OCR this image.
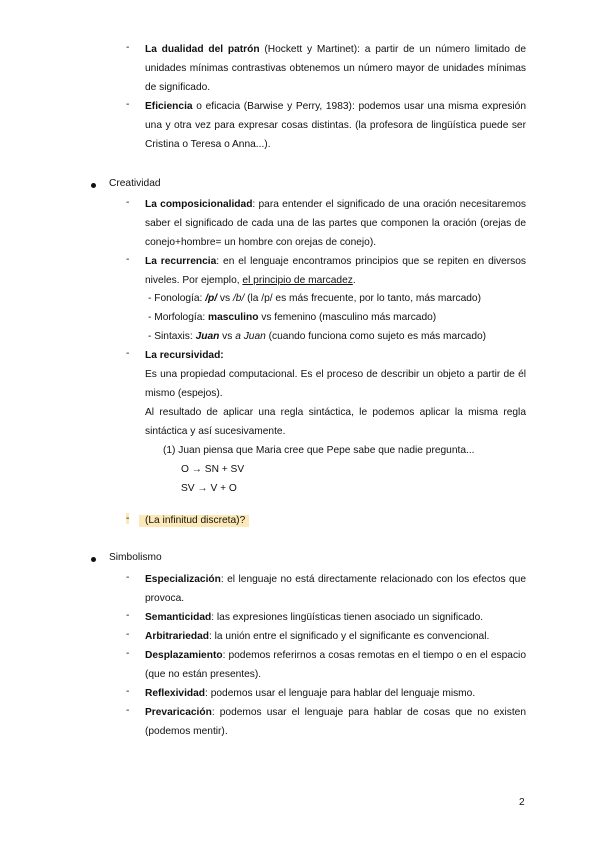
- La dualidad del patrón (Hockett y Martinet): a partir de un número limitado de unidades mínimas contrastivas obtenemos un número mayor de unidades mínimas de significado.
- Eficiencia o eficacia (Barwise y Perry, 1983): podemos usar una misma expresión una y otra vez para expresar cosas distintas. (la profesora de lingüística puede ser Cristina o Teresa o Anna...).
Creatividad
- La composicionalidad: para entender el significado de una oración necesitaremos saber el significado de cada una de las partes que componen la oración (orejas de conejo+hombre= un hombre con orejas de conejo).
- La recurrencia: en el lenguaje encontramos principios que se repiten en diversos niveles. Por ejemplo, el principio de marcadez.
- Fonología: /p/ vs /b/ (la /p/ es más frecuente, por lo tanto, más marcado)
- Morfología: masculino vs femenino (masculino más marcado)
- Sintaxis: Juan vs a Juan (cuando funciona como sujeto es más marcado)
- La recursividad:
Es una propiedad computacional. Es el proceso de describir un objeto a partir de él mismo (espejos).
Al resultado de aplicar una regla sintáctica, le podemos aplicar la misma regla sintáctica y así sucesivamente.
(1) Juan piensa que Maria cree que Pepe sabe que nadie pregunta...
O → SN + SV
SV → V + O
-	(La infinitud discreta)?
Simbolismo
- Especialización: el lenguaje no está directamente relacionado con los efectos que provoca.
- Semanticidad: las expresiones lingüísticas tienen asociado un significado.
- Arbitrariedad: la unión entre el significado y el significante es convencional.
- Desplazamiento: podemos referirnos a cosas remotas en el tiempo o en el espacio (que no están presentes).
- Reflexividad: podemos usar el lenguaje para hablar del lenguaje mismo.
- Prevaricación: podemos usar el lenguaje para hablar de cosas que no existen (podemos mentir).
2
